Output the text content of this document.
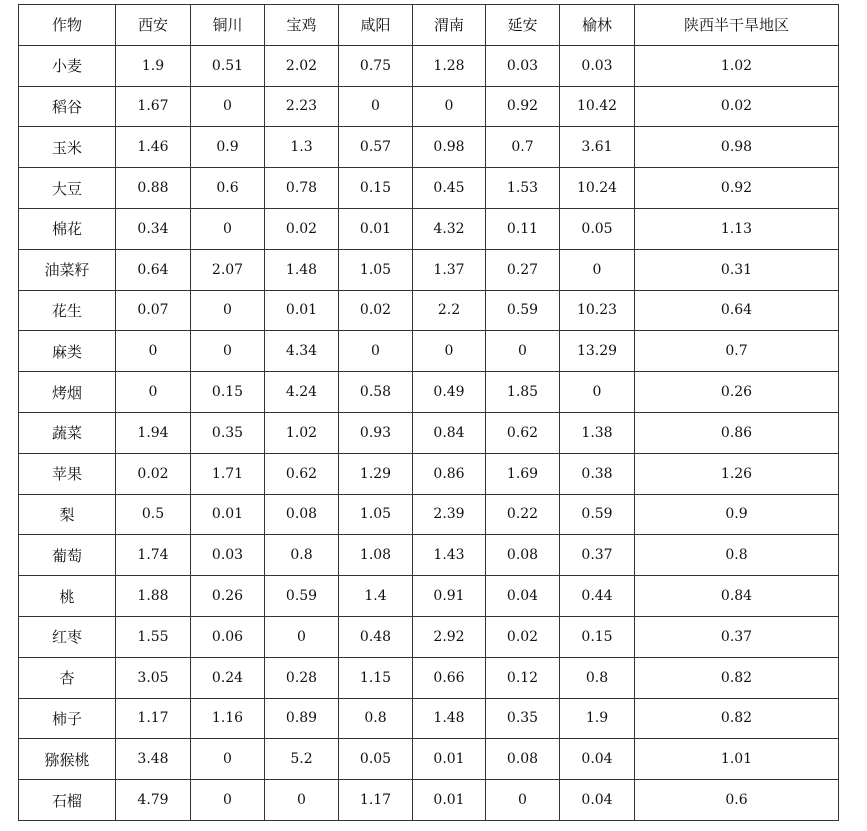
作物	西安	铜川	宝鸡	咸阳	渭南	延安	榆林	陕西半干旱地区
小麦	1.9	0.51	2.02	0.75	1.28	0.03	0.03	1.02
稻谷	1.67	0	2.23	0	0	0.92	10.42	0.02
玉米	1.46	0.9	1.3	0.57	0.98	0.7	3.61	0.98
大豆	0.88	0.6	0.78	0.15	0.45	1.53	10.24	0.92
棉花	0.34	0	0.02	0.01	4.32	0.11	0.05	1.13
油菜籽	0.64	2.07	1.48	1.05	1.37	0.27	0	0.31
花生	0.07	0	0.01	0.02	2.2	0.59	10.23	0.64
麻类	0	0	4.34	0	0	0	13.29	0.7
烤烟	0	0.15	4.24	0.58	0.49	1.85	0	0.26
蔬菜	1.94	0.35	1.02	0.93	0.84	0.62	1.38	0.86
苹果	0.02	1.71	0.62	1.29	0.86	1.69	0.38	1.26
梨	0.5	0.01	0.08	1.05	2.39	0.22	0.59	0.9
葡萄	1.74	0.03	0.8	1.08	1.43	0.08	0.37	0.8
桃	1.88	0.26	0.59	1.4	0.91	0.04	0.44	0.84
红枣	1.55	0.06	0	0.48	2.92	0.02	0.15	0.37
杏	3.05	0.24	0.28	1.15	0.66	0.12	0.8	0.82
柿子	1.17	1.16	0.89	0.8	1.48	0.35	1.9	0.82
猕猴桃	3.48	0	5.2	0.05	0.01	0.08	0.04	1.01
石榴	4.79	0	0	1.17	0.01	0	0.04	0.6
